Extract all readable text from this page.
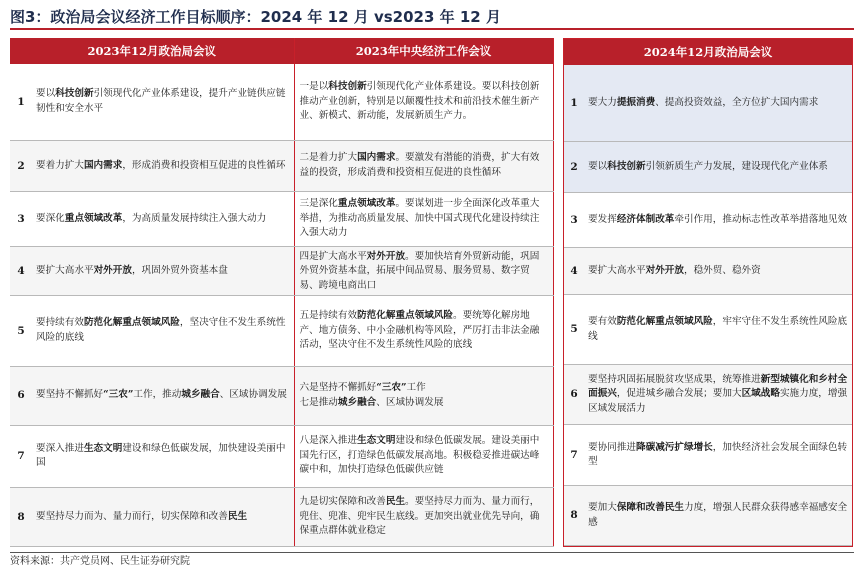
图3：政治局会议经济工作目标顺序：2024 年 12 月 vs2023 年 12 月
2023年12月政治局会议		2023年中央经济工作会议
1	要以科技创新引领现代化产业体系建设，提升产业链供应链韧性和安全水平	一是以科技创新引领现代化产业体系建设。要以科技创新推动产业创新，特别是以颠覆性技术和前沿技术催生新产业、新模式、新动能，发展新质生产力。
2	要着力扩大国内需求，形成消费和投资相互促进的良性循环	二是着力扩大国内需求。要激发有潜能的消费，扩大有效益的投资，形成消费和投资相互促进的良性循环
3	要深化重点领域改革，为高质量发展持续注入强大动力	三是深化重点领域改革。要谋划进一步全面深化改革重大举措，为推动高质量发展、加快中国式现代化建设持续注入强大动力
4	要扩大高水平对外开放，巩固外贸外资基本盘	四是扩大高水平对外开放。要加快培育外贸新动能，巩固外贸外资基本盘，拓展中间品贸易、服务贸易、数字贸易、跨境电商出口
5	要持续有效防范化解重点领域风险，坚决守住不发生系统性风险的底线	五是持续有效防范化解重点领域风险。要统筹化解房地产、地方债务、中小金融机构等风险，严厉打击非法金融活动，坚决守住不发生系统性风险的底线
6	要坚持不懈抓好“三农”工作，推动城乡融合、区域协调发展	六是坚持不懈抓好“三农”工作
七是推动城乡融合、区域协调发展
7	要深入推进生态文明建设和绿色低碳发展，加快建设美丽中国	八是深入推进生态文明建设和绿色低碳发展。建设美丽中国先行区，打造绿色低碳发展高地。积极稳妥推进碳达峰碳中和，加快打造绿色低碳供应链
8	要坚持尽力而为、量力而行，切实保障和改善民生	九是切实保障和改善民生。要坚持尽力而为、量力而行，兜住、兜准、兜牢民生底线。更加突出就业优先导向，确保重点群体就业稳定
2024年12月政治局会议	
1	要大力提振消费、提高投资效益，全方位扩大国内需求
2	要以科技创新引领新质生产力发展，建设现代化产业体系
3	要发挥经济体制改革牵引作用，推动标志性改革举措落地见效
4	要扩大高水平对外开放，稳外贸、稳外资
5	要有效防范化解重点领域风险，牢牢守住不发生系统性风险底线
6	要坚持巩固拓展脱贫攻坚成果，统筹推进新型城镇化和乡村全面振兴，促进城乡融合发展；要加大区域战略实施力度，增强区域发展活力
7	要协同推进降碳减污扩绿增长，加快经济社会发展全面绿色转型
8	要加大保障和改善民生力度，增强人民群众获得感幸福感安全感
资料来源：共产党员网、民生证券研究院
